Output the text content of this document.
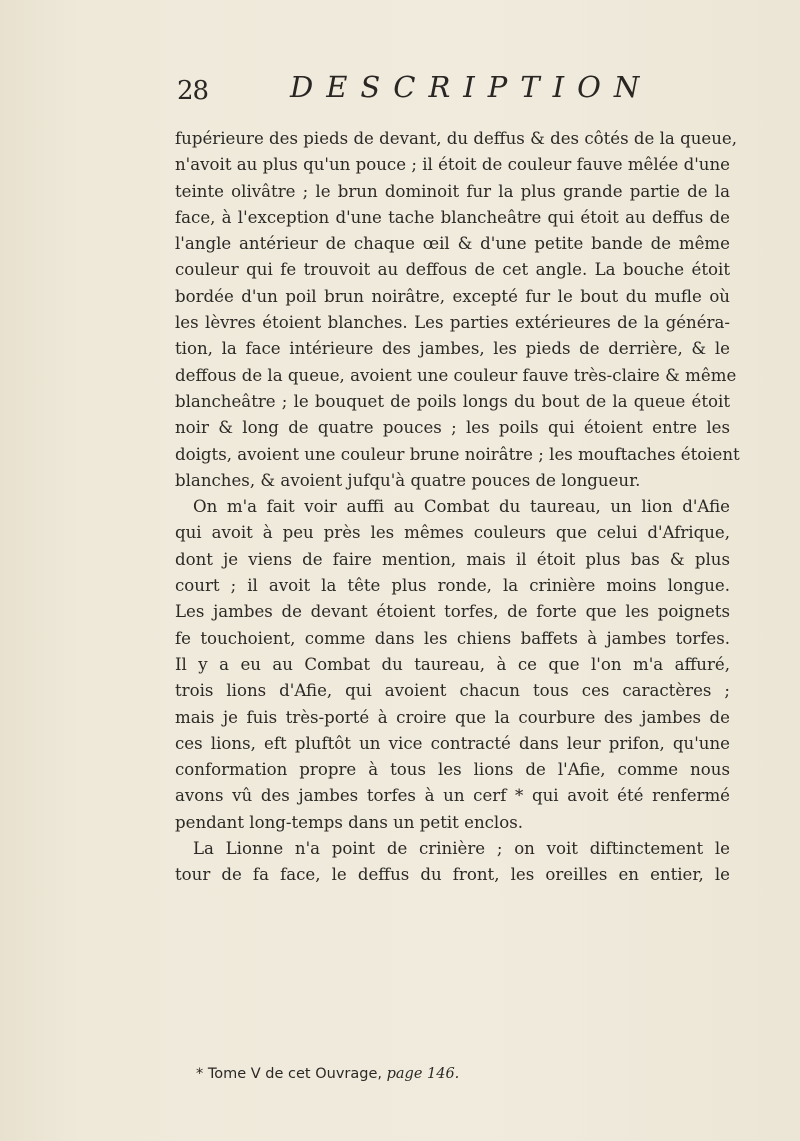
28	DESCRIPTION
fupérieure des pieds de devant, du deffus & des côtés de la queue,
n'avoit au plus qu'un pouce ; il étoit de couleur fauve mêlée d'une
teinte olivâtre ; le brun dominoit fur la plus grande partie de la
face, à l'exception d'une tache blancheâtre qui étoit au deffus de
l'angle antérieur de chaque œil & d'une petite bande de même
couleur qui fe trouvoit au deffous de cet angle. La bouche étoit
bordée d'un poil brun noirâtre, excepté fur le bout du mufle où
les lèvres étoient blanches. Les parties extérieures de la généra-
tion, la face intérieure des jambes, les pieds de derrière, & le
deffous de la queue, avoient une couleur fauve très-claire & même
blancheâtre ; le bouquet de poils longs du bout de la queue étoit
noir & long de quatre pouces ; les poils qui étoient entre les
doigts, avoient une couleur brune noirâtre ; les mouftaches étoient
blanches, & avoient jufqu'à quatre pouces de longueur.
On m'a fait voir auffi au Combat du taureau, un lion d'Afie
qui avoit à peu près les mêmes couleurs que celui d'Afrique,
dont je viens de faire mention, mais il étoit plus bas & plus
court ; il avoit la tête plus ronde, la crinière moins longue.
Les jambes de devant étoient torfes, de forte que les poignets
fe touchoient, comme dans les chiens baffets à jambes torfes.
Il y a eu au Combat du taureau, à ce que l'on m'a affuré,
trois lions d'Afie, qui avoient chacun tous ces caractères ;
mais je fuis très-porté à croire que la courbure des jambes de
ces lions, eft pluftôt un vice contracté dans leur prifon, qu'une
conformation propre à tous les lions de l'Afie, comme nous
avons vû des jambes torfes à un cerf * qui avoit été renfermé
pendant long-temps dans un petit enclos.
La Lionne n'a point de crinière ; on voit diftinctement le
tour de fa face, le deffus du front, les oreilles en entier, le
* Tome V de cet Ouvrage, page 146.
